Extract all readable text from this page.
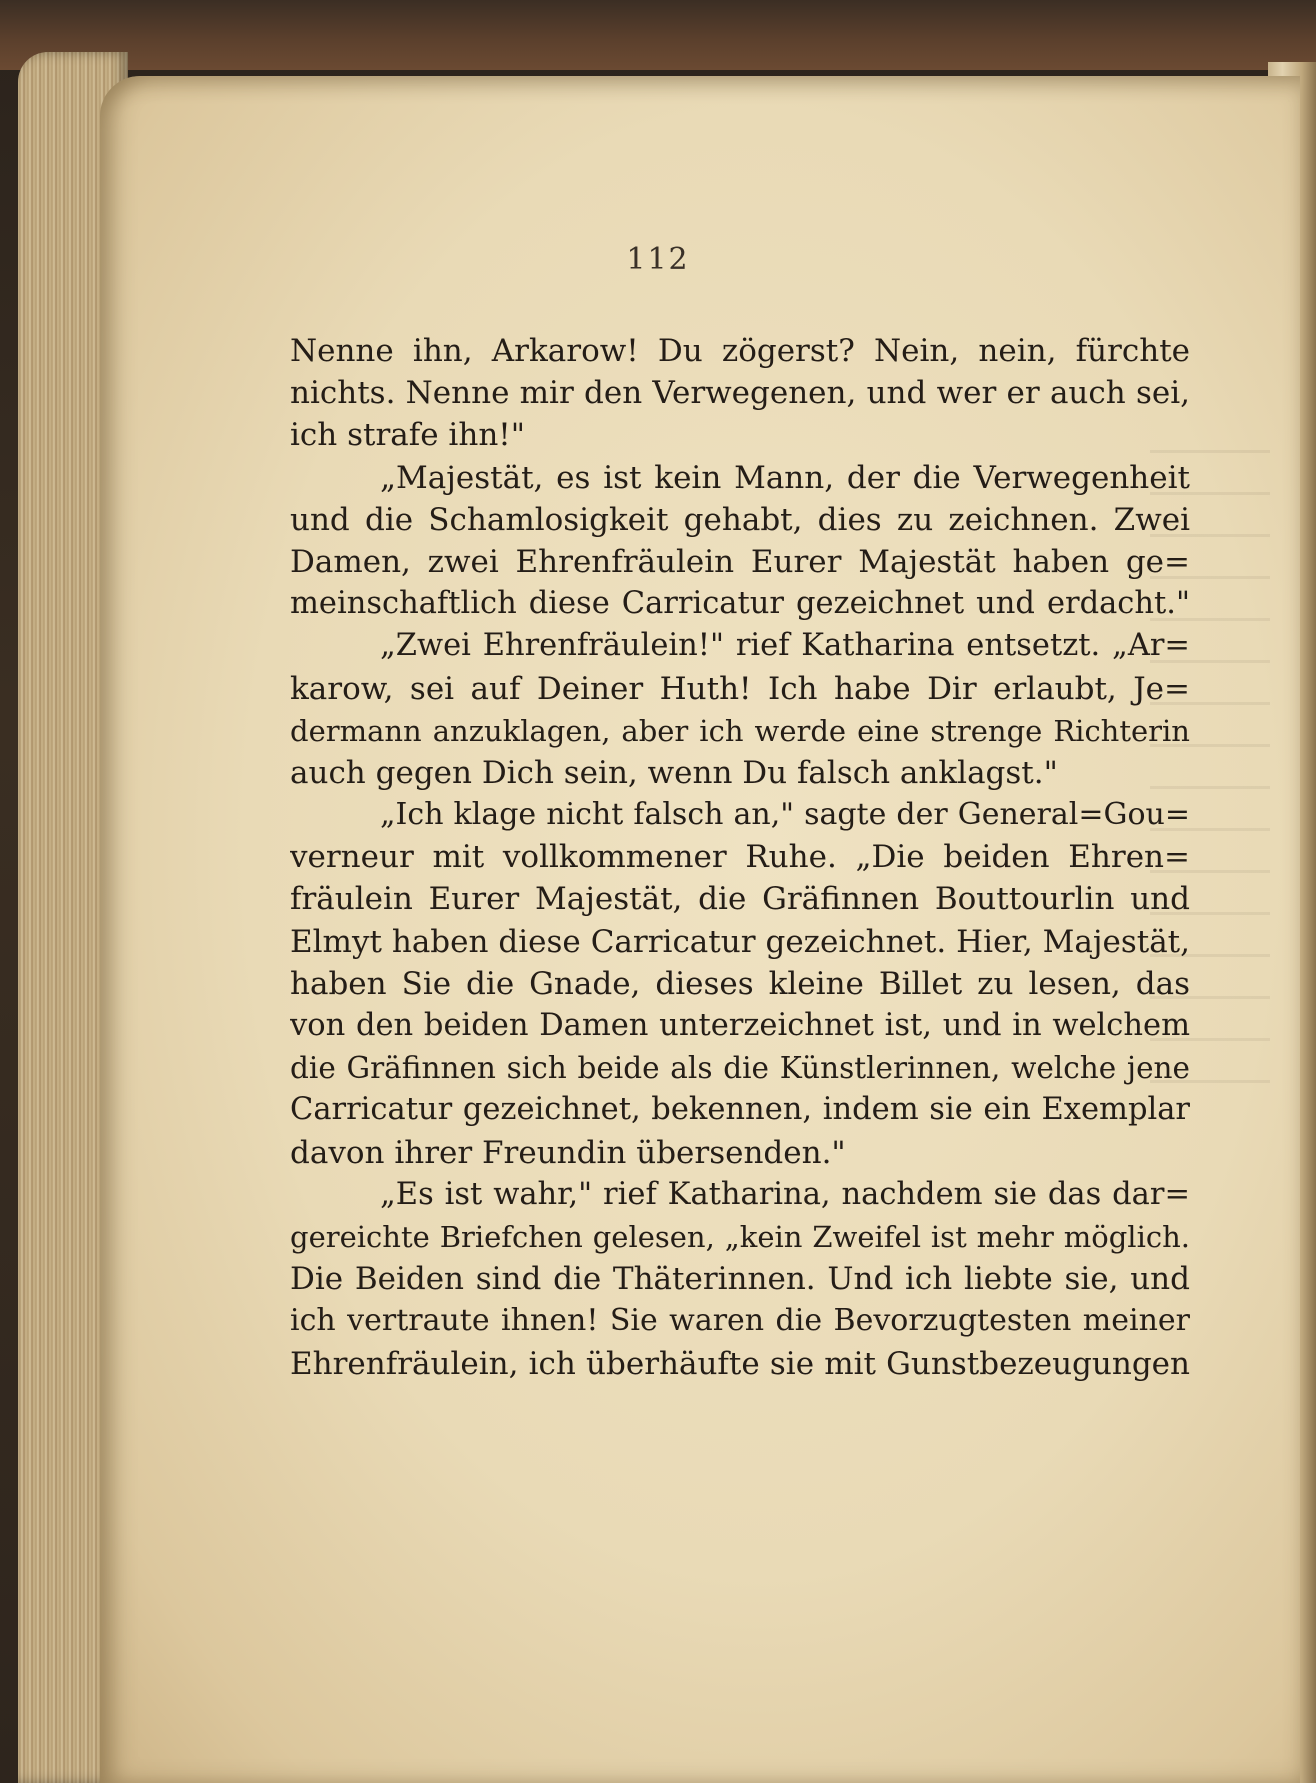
112
Nenne ihn, Arkarow! Du zögerst? Nein, nein, fürchte
nichts. Nenne mir den Verwegenen, und wer er auch sei,
ich strafe ihn!"
„Majestät, es ist kein Mann, der die Verwegenheit
und die Schamlosigkeit gehabt, dies zu zeichnen. Zwei
Damen, zwei Ehrenfräulein Eurer Majestät haben ge=
meinschaftlich diese Carricatur gezeichnet und erdacht."
„Zwei Ehrenfräulein!" rief Katharina entsetzt. „Ar=
karow, sei auf Deiner Huth! Ich habe Dir erlaubt, Je=
dermann anzuklagen, aber ich werde eine strenge Richterin
auch gegen Dich sein, wenn Du falsch anklagst."
„Ich klage nicht falsch an," sagte der General=Gou=
verneur mit vollkommener Ruhe. „Die beiden Ehren=
fräulein Eurer Majestät, die Gräfinnen Bouttourlin und
Elmyt haben diese Carricatur gezeichnet. Hier, Majestät,
haben Sie die Gnade, dieses kleine Billet zu lesen, das
von den beiden Damen unterzeichnet ist, und in welchem
die Gräfinnen sich beide als die Künstlerinnen, welche jene
Carricatur gezeichnet, bekennen, indem sie ein Exemplar
davon ihrer Freundin übersenden."
„Es ist wahr," rief Katharina, nachdem sie das dar=
gereichte Briefchen gelesen, „kein Zweifel ist mehr möglich.
Die Beiden sind die Thäterinnen. Und ich liebte sie, und
ich vertraute ihnen! Sie waren die Bevorzugtesten meiner
Ehrenfräulein, ich überhäufte sie mit Gunstbezeugungen
